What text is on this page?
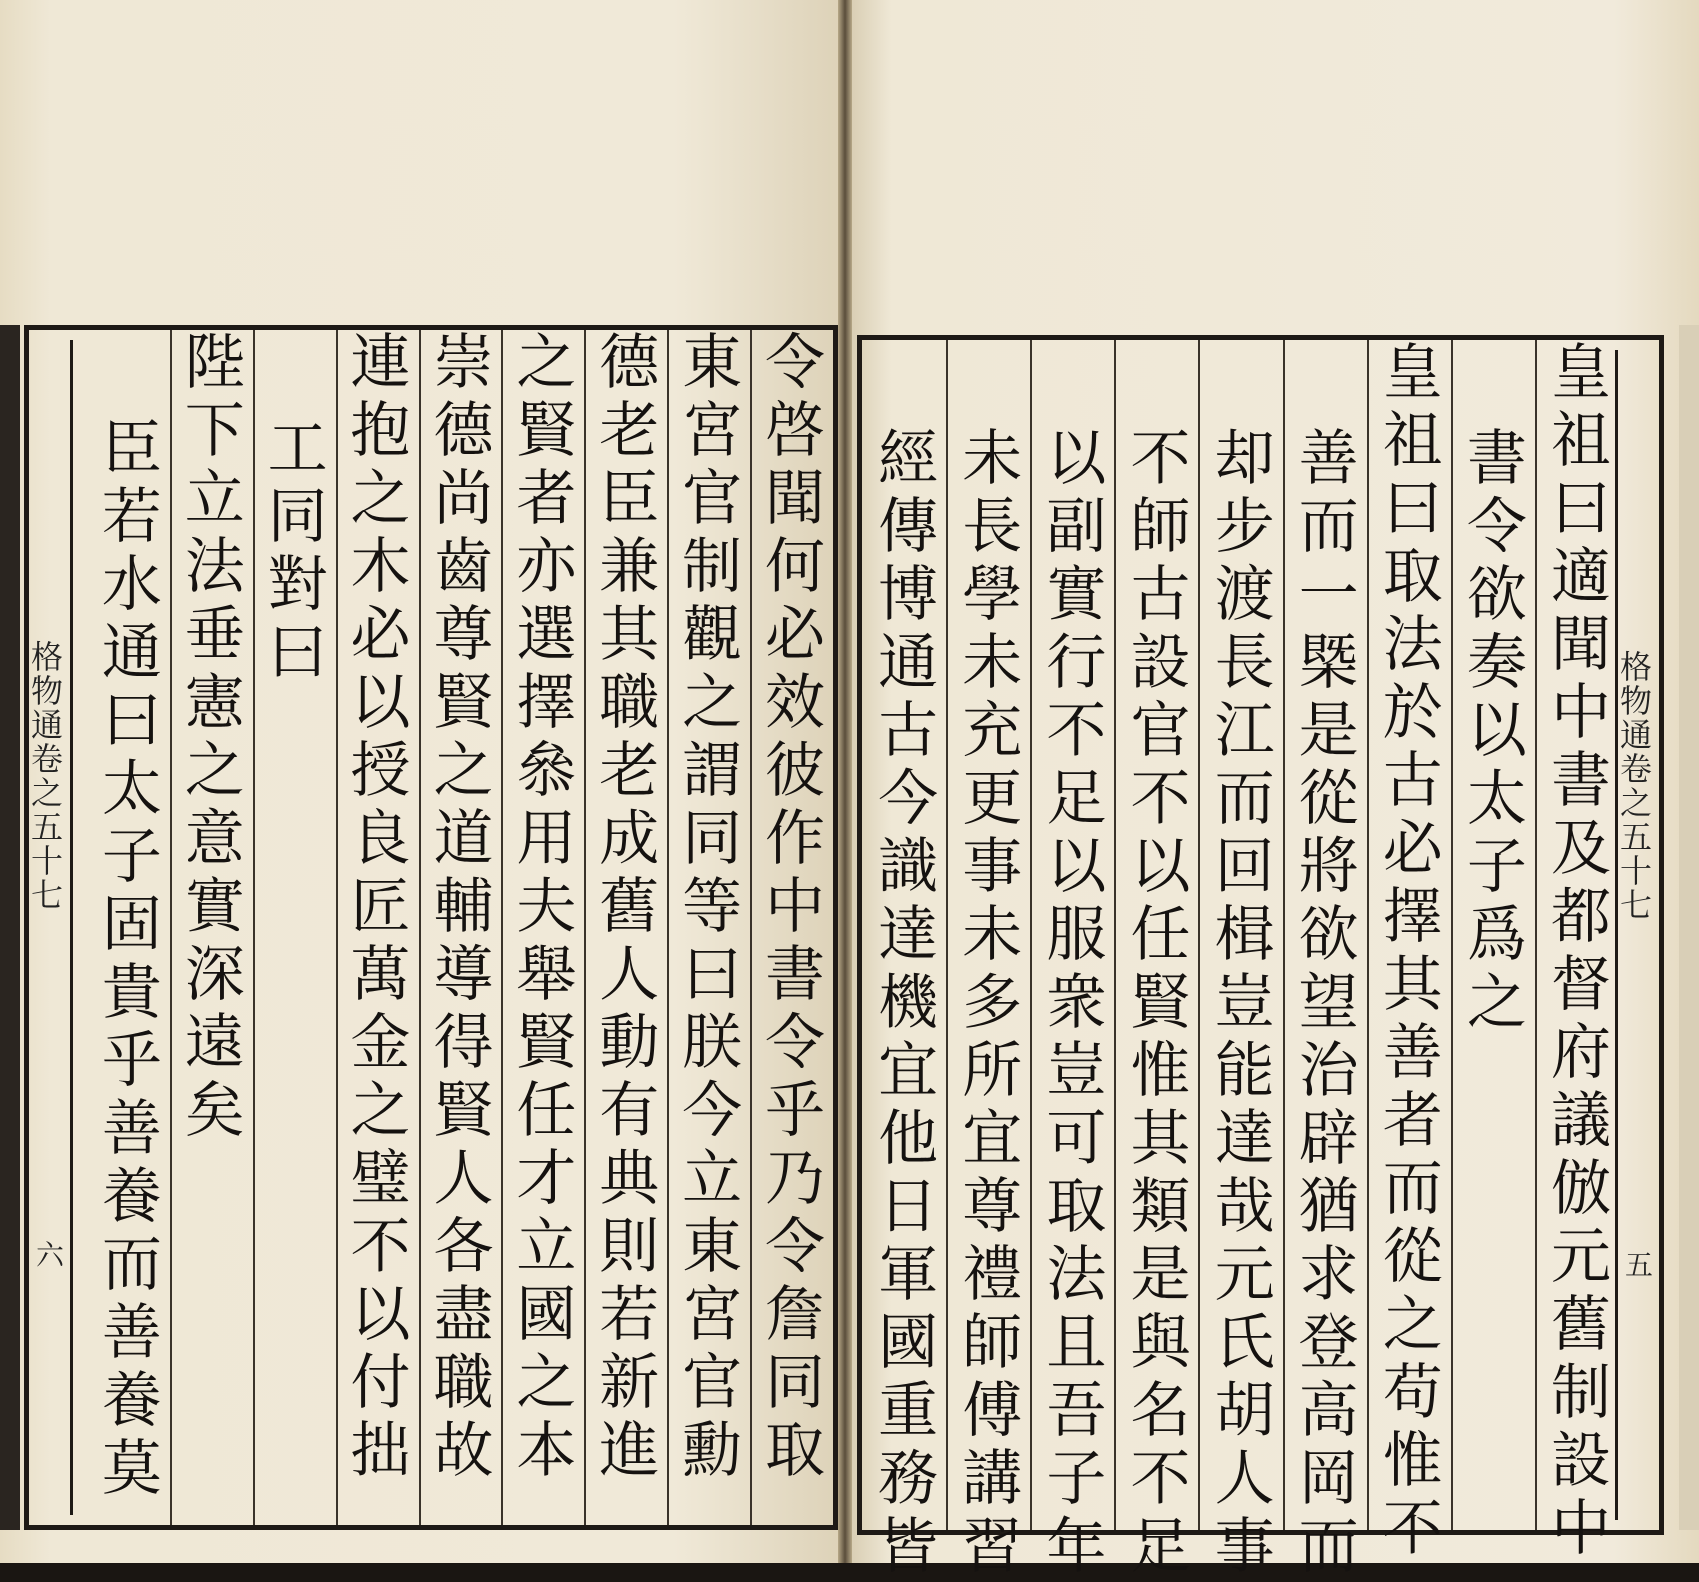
格物通卷之五十七
六	令啓聞何必效彼作中書令乎乃令詹同取
東宮官制觀之謂同等曰朕今立東宮官勳
德老臣兼其職老成舊人動有典則若新進
之賢者亦選擇叅用夫舉賢任才立國之本
崇德尚齒尊賢之道輔導得賢人各盡職故
連抱之木必以授良匠萬金之璧不以付拙
工同對曰
陛下立法垂憲之意實深遠矣
臣若水通曰太子固貴乎善養而善養莫	格物通卷之五十七
五
皇祖曰適聞中書及都督府議倣元舊制設中
書令欲奏以太子爲之
皇祖曰取法於古必擇其善者而從之苟惟不
善而一槩是從將欲望治辟猶求登高岡而
却步渡長江而回楫豈能達哉元氏胡人事
不師古設官不以任賢惟其類是與名不足
以副實行不足以服衆豈可取法且吾子年
未長學未充更事未多所宜尊禮師傅講習
經傳博通古今識達機宜他日軍國重務皆
